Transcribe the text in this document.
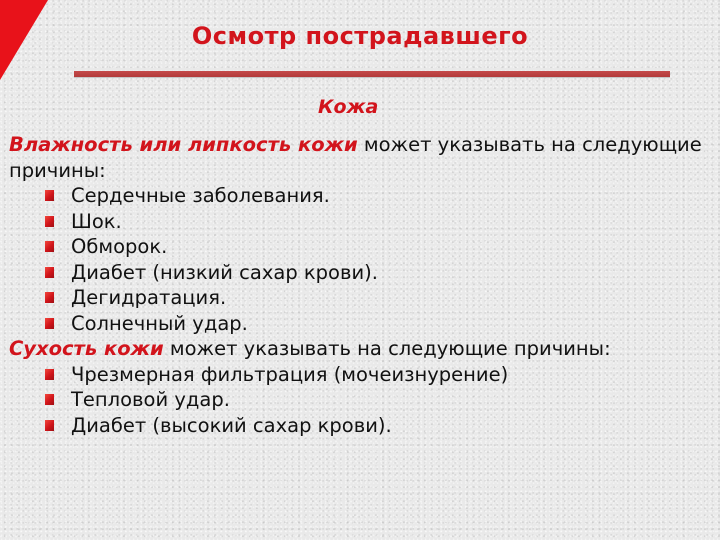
Осмотр пострадавшего
Кожа

Влажность или липкость кожи может указывать на следующие причины:

Сердечные заболевания.
Шок.
Обморок.
Диабет (низкий сахар крови).
Дегидратация.
Солнечный удар.

Сухость кожи может указывать на следующие причины:

Чрезмерная фильтрация (мочеизнурение)
Тепловой удар.
Диабет (высокий сахар крови).
